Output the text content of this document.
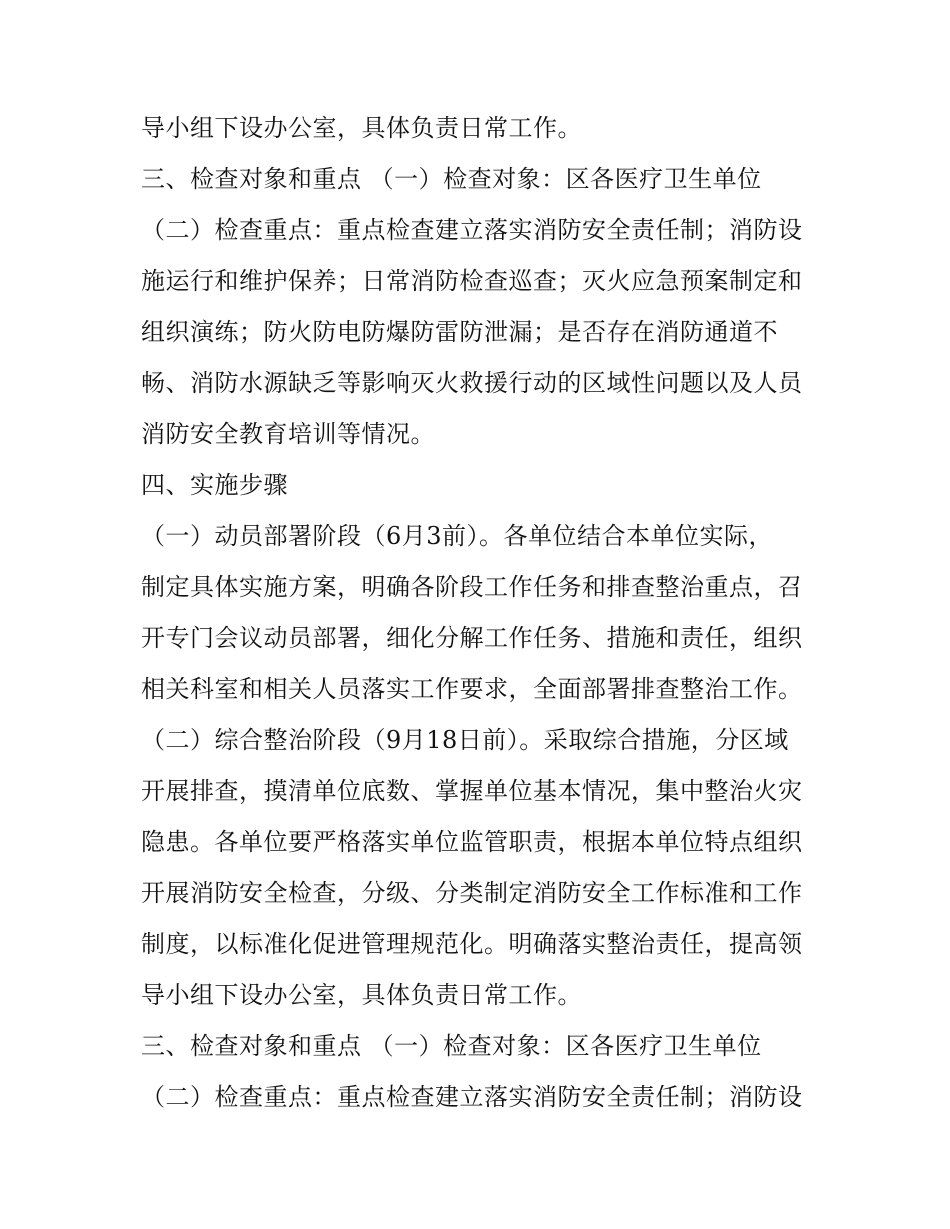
导小组下设办公室，具体负责日常工作。
三、检查对象和重点 （一）检查对象：区各医疗卫生单位
（二）检查重点：重点检查建立落实消防安全责任制；消防设
施运行和维护保养；日常消防检查巡查；灭火应急预案制定和
组织演练；防火防电防爆防雷防泄漏；是否存在消防通道不
畅、消防水源缺乏等影响灭火救援行动的区域性问题以及人员
消防安全教育培训等情况。
四、实施步骤
（一）动员部署阶段（6月3前）。各单位结合本单位实际，
制定具体实施方案，明确各阶段工作任务和排查整治重点，召
开专门会议动员部署，细化分解工作任务、措施和责任，组织
相关科室和相关人员落实工作要求，全面部署排查整治工作。
（二）综合整治阶段（9月18日前）。采取综合措施，分区域
开展排查，摸清单位底数、掌握单位基本情况，集中整治火灾
隐患。各单位要严格落实单位监管职责，根据本单位特点组织
开展消防安全检查，分级、分类制定消防安全工作标准和工作
制度，以标准化促进管理规范化。明确落实整治责任，提高领
导小组下设办公室，具体负责日常工作。
三、检查对象和重点 （一）检查对象：区各医疗卫生单位
（二）检查重点：重点检查建立落实消防安全责任制；消防设
